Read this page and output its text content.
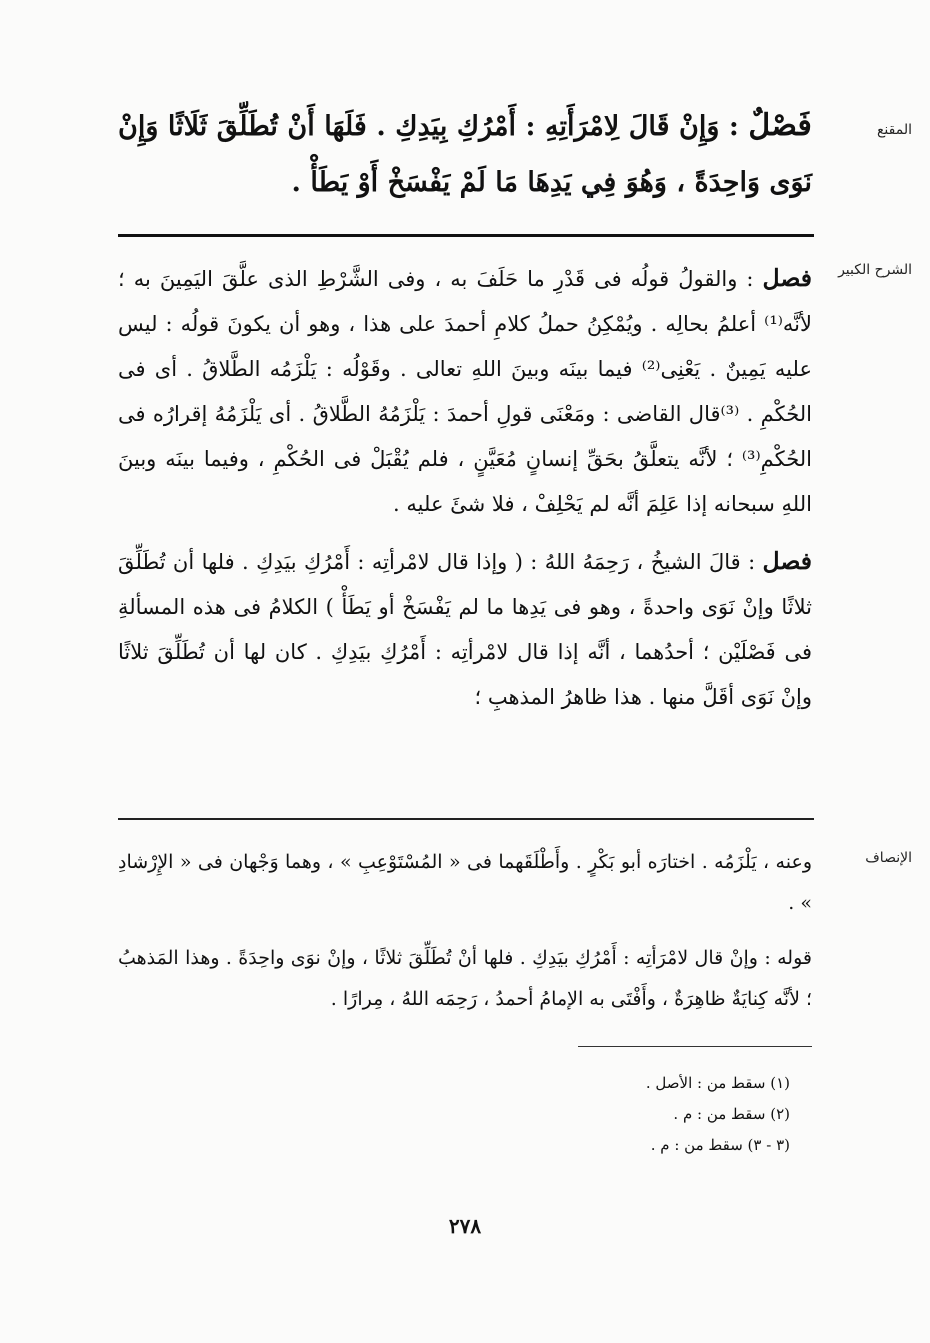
المقنع
فَصْلٌ : وَإِنْ قَالَ لِامْرَأَتِهِ : أَمْرُكِ بِيَدِكِ . فَلَهَا أَنْ تُطَلِّقَ ثَلَاثًا وَإِنْ نَوَى وَاحِدَةً ، وَهُوَ فِي يَدِهَا مَا لَمْ يَفْسَخْ أَوْ يَطَأْ .
الشرح الكبير

فصل : والقولُ قولُه فى قَدْرِ ما حَلَفَ به ، وفى الشَّرْطِ الذى علَّقَ اليَمِينَ به ؛ لأنَّه⁽¹⁾ أعلمُ بحالِه . ويُمْكِنُ حملُ كلامِ أحمدَ على هذا ، وهو أن يكونَ قولُه : ليس عليه يَمِينٌ . يَعْنِى⁽²⁾ فيما بينَه وبينَ اللهِ تعالى . وقَوْلُه : يَلْزَمُه الطَّلاقُ . أى فى الحُكْمِ . ⁽³⁾قال القاضى : ومَعْنَى قولِ أحمدَ : يَلْزَمُهُ الطَّلاقُ . أى يَلْزَمُهُ إقرارُه فى الحُكْمِ⁽³⁾ ؛ لأنَّه يتعلَّقُ بحَقِّ إنسانٍ مُعَيَّنٍ ، فلم يُقْبَلْ فى الحُكْمِ ، وفيما بينَه وبينَ اللهِ سبحانه إذا عَلِمَ أنَّه لم يَحْلِفْ ، فلا شئَ عليه .

فصل : قالَ الشيخُ ، رَحِمَهُ اللهُ : ( وإذا قال لامْرأتِه : أَمْرُكِ بيَدِكِ . فلها أن تُطَلِّقَ ثلاثًا وإنْ نَوَى واحدةً ، وهو فى يَدِها ما لم يَفْسَخْ أو يَطَأْ ) الكلامُ فى هذه المسألةِ فى فَصْلَيْن ؛ أحدُهما ، أنَّه إذا قال لامْرأتِه : أَمْرُكِ بيَدِكِ . كان لها أن تُطَلِّقَ ثلاثًا وإنْ نَوَى أقَلَّ منها . هذا ظاهرُ المذهبِ ؛

الإنصاف

وعنه ، يَلْزَمُه . اختارَه أبو بَكْرٍ . وأَطْلَقَهما فى « المُسْتَوْعِبِ » ، وهما وَجْهان فى « الإِرْشادِ » .

قوله : وإنْ قال لامْرَأتِه : أَمْرُكِ بيَدِكِ . فلها أنْ تُطَلِّقَ ثلاثًا ، وإنْ نوَى واحِدَةً . وهذا المَذهبُ ؛ لأنَّه كِنايَةٌ ظاهِرَةٌ ، وأَفْتَى به الإمامُ أحمدُ ، رَحِمَه اللهُ ، مِرارًا .

(١) سقط من : الأصل .
(٢) سقط من : م .
(٣ - ٣) سقط من : م .
٢٧٨
